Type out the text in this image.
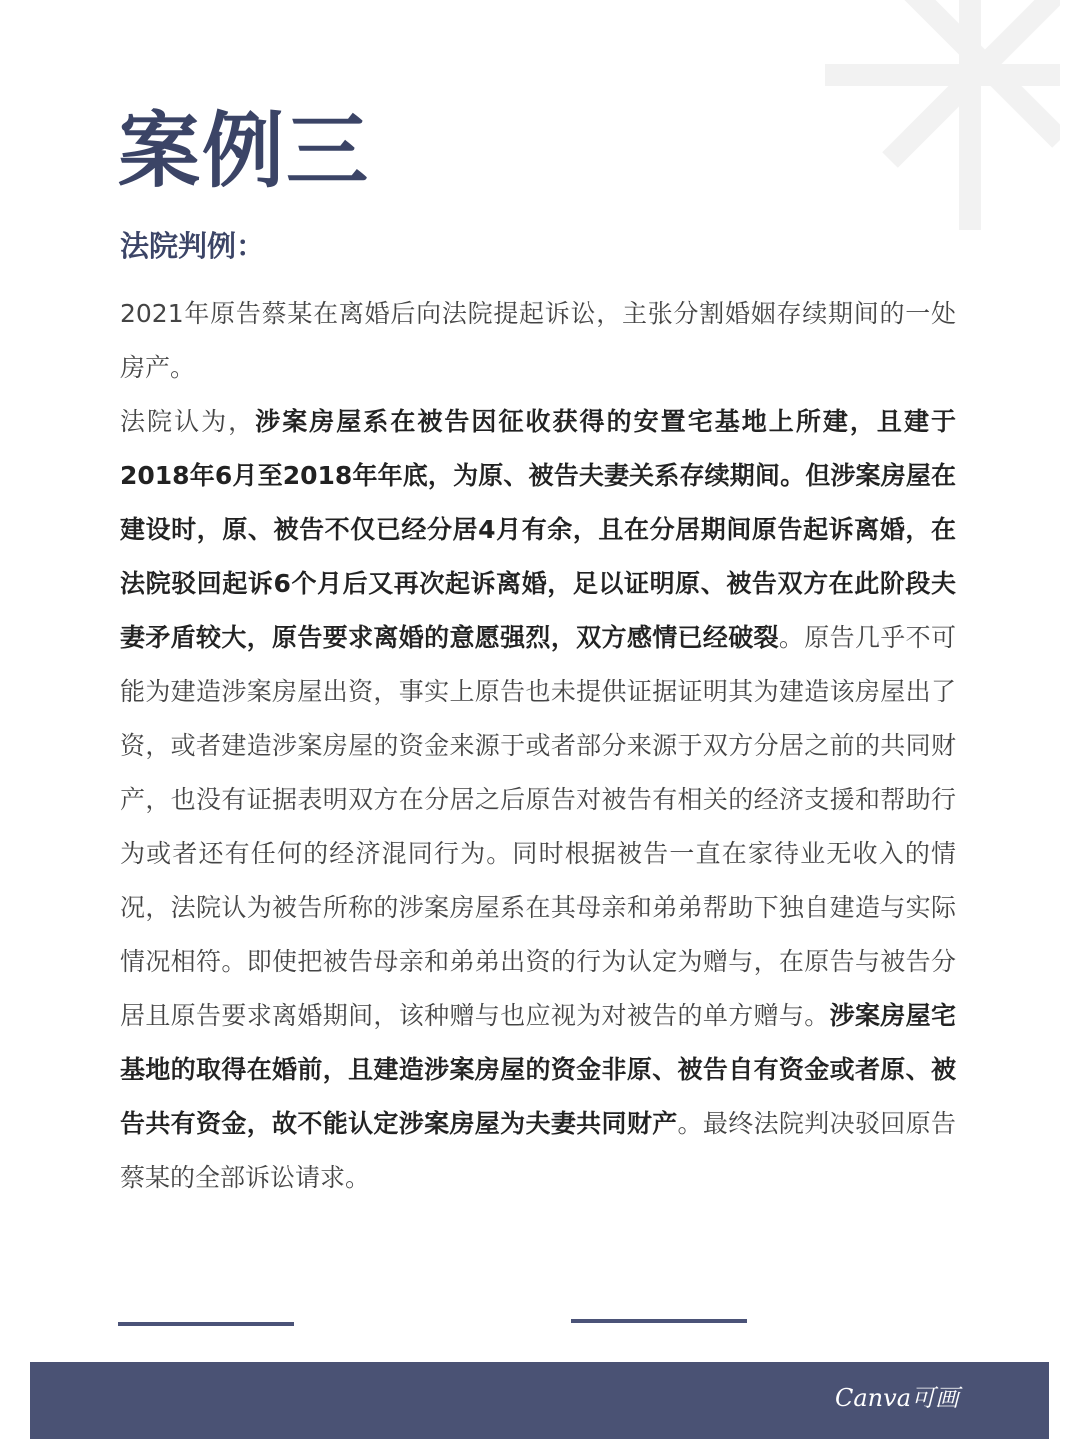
案例三
法院判例：

2021年原告蔡某在离婚后向法院提起诉讼，主张分割婚姻存续期间的一处房产。

法院认为，涉案房屋系在被告因征收获得的安置宅基地上所建，且建于2018年6月至2018年年底，为原、被告夫妻关系存续期间。但涉案房屋在建设时，原、被告不仅已经分居4月有余，且在分居期间原告起诉离婚，在法院驳回起诉6个月后又再次起诉离婚，足以证明原、被告双方在此阶段夫妻矛盾较大，原告要求离婚的意愿强烈，双方感情已经破裂。原告几乎不可能为建造涉案房屋出资，事实上原告也未提供证据证明其为建造该房屋出了资，或者建造涉案房屋的资金来源于或者部分来源于双方分居之前的共同财产，也没有证据表明双方在分居之后原告对被告有相关的经济支援和帮助行为或者还有任何的经济混同行为。同时根据被告一直在家待业无收入的情况，法院认为被告所称的涉案房屋系在其母亲和弟弟帮助下独自建造与实际情况相符。即使把被告母亲和弟弟出资的行为认定为赠与，在原告与被告分居且原告要求离婚期间，该种赠与也应视为对被告的单方赠与。涉案房屋宅基地的取得在婚前，且建造涉案房屋的资金非原、被告自有资金或者原、被告共有资金，故不能认定涉案房屋为夫妻共同财产。最终法院判决驳回原告蔡某的全部诉讼请求。

Canva可画
